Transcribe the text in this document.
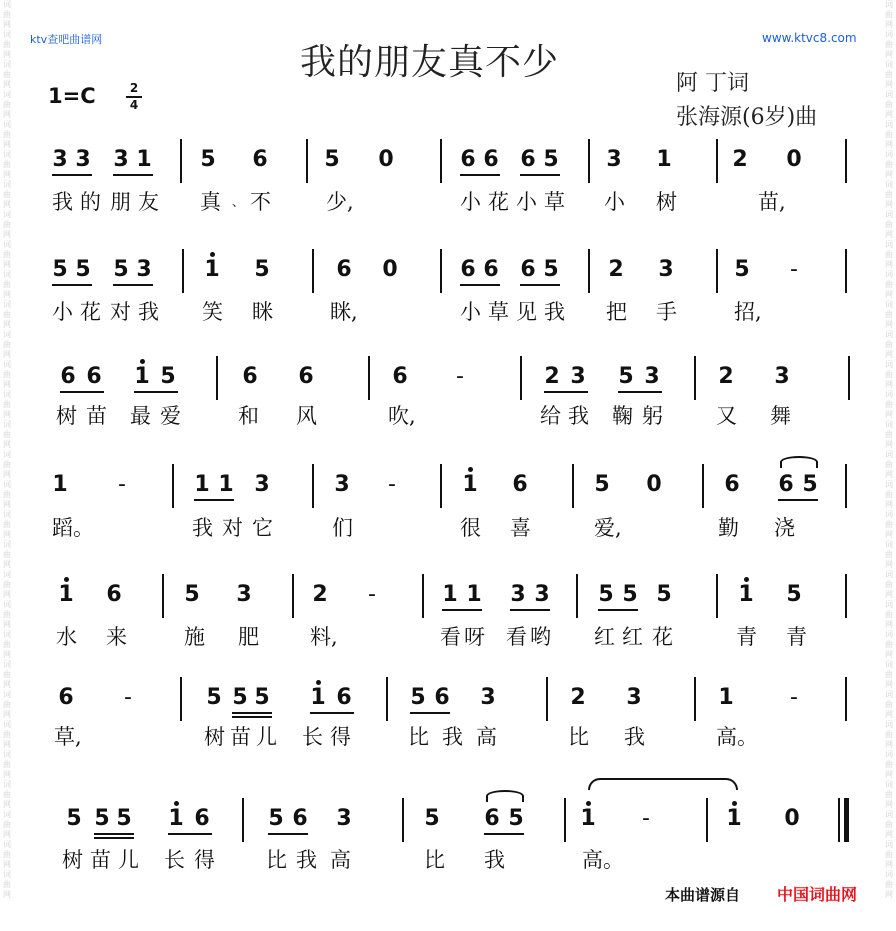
ktv查吧曲谱网	www.ktvc8.com
词曲网 词曲网 词曲网 词曲网 词曲网 词曲网 词曲网 词曲网 词曲网 词曲网 词曲网 词曲网 词曲网 词曲网 词曲网 词曲网 词曲网 词曲网 词曲网 词曲网 词曲网 词曲网 词曲网 词曲网 词曲网 词曲网 词曲网 词曲网 词曲网 词曲网
词曲网 词曲网 词曲网 词曲网 词曲网 词曲网 词曲网 词曲网 词曲网 词曲网 词曲网 词曲网 词曲网 词曲网 词曲网 词曲网 词曲网 词曲网 词曲网 词曲网 词曲网 词曲网 词曲网 词曲网 词曲网 词曲网 词曲网 词曲网 词曲网 词曲网
我的朋友真不少
阿 丁词
张海源(6岁)曲
1=C	2
4
3 3 3 1 5 6	5 0	6 6 6 5 3 1	2 0
我 的 朋 友 真 、 不	少,	小 花 小 草 小 树	苗,
5 5 5 3 1 5	6 0	6 6 6 5 2 3	5 -
小 花 对 我 笑 眯	眯,	小 草 见 我 把 手	招,
6 6 1 5	6 6	6 -	2 3 5 3	2 3
树 苗 最 爱	和 风	吹,	给 我 鞠 躬	又 舞
1 -	1 1 3	3 -	1 6	5 0	6 6 5
蹈。	我 对 它	们	很 喜	爱,	勤 浇
1 6	5 3	2 -	1 1 3 3 5 5 5	1 5
水 来	施 肥 料,	看 呀 看 哟 红 红 花	青 青
6 -	5 5 5 1 6	5 6 3	2 3	1	-
草,	树 苗 儿 长 得	比 我 高	比 我	高。
5 5 5 1 6	5 6 3	5 6 5	1 -	1 0
树 苗 儿 长 得 比 我 高	比 我	高。
本曲谱源自 中国词曲网
